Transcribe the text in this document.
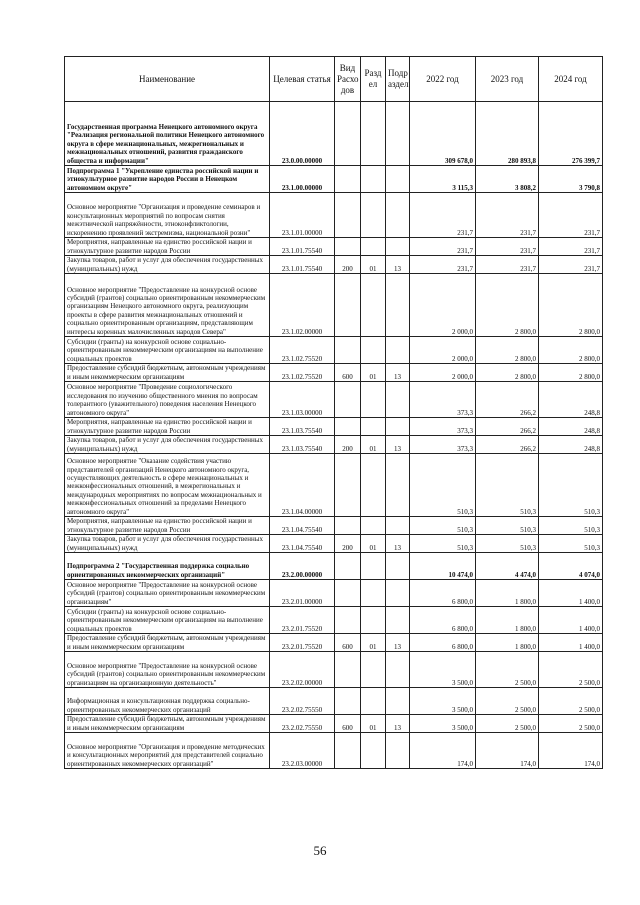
Наименование	Целевая статья	Вид Расхо дов	Разд ел	Подр аздел	2022 год	2023 год	2024 год
Государственная программа Ненецкого автономного округа "Реализация региональной политики Ненецкого автономного округа в сфере межнациональных, межрегиональных и межнациональных отношений, развития гражданского общества и информации"	23.0.00.00000				309 678,0	280 893,8	276 399,7
Подпрограмма 1 "Укрепление единства российской нации и этнокультурное развитие народов России в Ненецком автономном округе"	23.1.00.00000				3 115,3	3 808,2	3 790,8
Основное мероприятие "Организация и проведение семинаров и консультационных мероприятий по вопросам снятия межэтнической напряжённости, этноконфликтологии, искоренению проявлений экстремизма, национальной розни"	23.1.01.00000				231,7	231,7	231,7
Мероприятия, направленные на единство российской нации и этнокультурное развитие народов России	23.1.01.75540				231,7	231,7	231,7
Закупка товаров, работ и услуг для обеспечения государственных (муниципальных) нужд	23.1.01.75540	200	01	13	231,7	231,7	231,7
Основное мероприятие "Предоставление на конкурсной основе субсидий (грантов) социально ориентированным некоммерческим организациям Ненецкого автономного округа, реализующим проекты в сфере развития межнациональных отношений и социально ориентированным организациям, представляющим интересы коренных малочисленных народов Севера"	23.1.02.00000				2 000,0	2 800,0	2 800,0
Субсидии (гранты) на конкурсной основе социально-ориентированным некоммерческим организациям на выполнение социальных проектов	23.1.02.75520				2 000,0	2 800,0	2 800,0
Предоставление субсидий бюджетным, автономным учреждениям и иным некоммерческим организациям	23.1.02.75520	600	01	13	2 000,0	2 800,0	2 800,0
Основное мероприятие "Проведение социологического исследования по изучению общественного мнения по вопросам толерантного (уважительного) поведения населения Ненецкого автономного округа"	23.1.03.00000				373,3	266,2	248,8
Мероприятия, направленные на единство российской нации и этнокультурное развитие народов России	23.1.03.75540				373,3	266,2	248,8
Закупка товаров, работ и услуг для обеспечения государственных (муниципальных) нужд	23.1.03.75540	200	01	13	373,3	266,2	248,8
Основное мероприятие "Оказание содействия участию представителей организаций Ненецкого автономного округа, осуществляющих деятельность в сфере межнациональных и межконфессиональных отношений, в межрегиональных и международных мероприятиях по вопросам межнациональных и межконфессиональных отношений за пределами Ненецкого автономного округа"	23.1.04.00000				510,3	510,3	510,3
Мероприятия, направленные на единство российской нации и этнокультурное развитие народов России	23.1.04.75540				510,3	510,3	510,3
Закупка товаров, работ и услуг для обеспечения государственных (муниципальных) нужд	23.1.04.75540	200	01	13	510,3	510,3	510,3
Подпрограмма 2 "Государственная поддержка социально ориентированных некоммерческих организаций"	23.2.00.00000				10 474,0	4 474,0	4 074,0
Основное мероприятие "Предоставление на конкурсной основе субсидий (грантов) социально ориентированным некоммерческим организациям"	23.2.01.00000				6 800,0	1 800,0	1 400,0
Субсидии (гранты) на конкурсной основе социально-ориентированным некоммерческим организациям на выполнение социальных проектов	23.2.01.75520				6 800,0	1 800,0	1 400,0
Предоставление субсидий бюджетным, автономным учреждениям и иным некоммерческим организациям	23.2.01.75520	600	01	13	6 800,0	1 800,0	1 400,0
Основное мероприятие "Предоставление на конкурсной основе субсидий (грантов) социально ориентированным некоммерческим организациям на организационную деятельность"	23.2.02.00000				3 500,0	2 500,0	2 500,0
Информационная и консультационная поддержка социально-ориентированных некоммерческих организаций	23.2.02.75550				3 500,0	2 500,0	2 500,0
Предоставление субсидий бюджетным, автономным учреждениям и иным некоммерческим организациям	23.2.02.75550	600	01	13	3 500,0	2 500,0	2 500,0
Основное мероприятие "Организация и проведение методических и консультационных мероприятий для представителей социально ориентированных некоммерческих организаций"	23.2.03.00000				174,0	174,0	174,0
56
